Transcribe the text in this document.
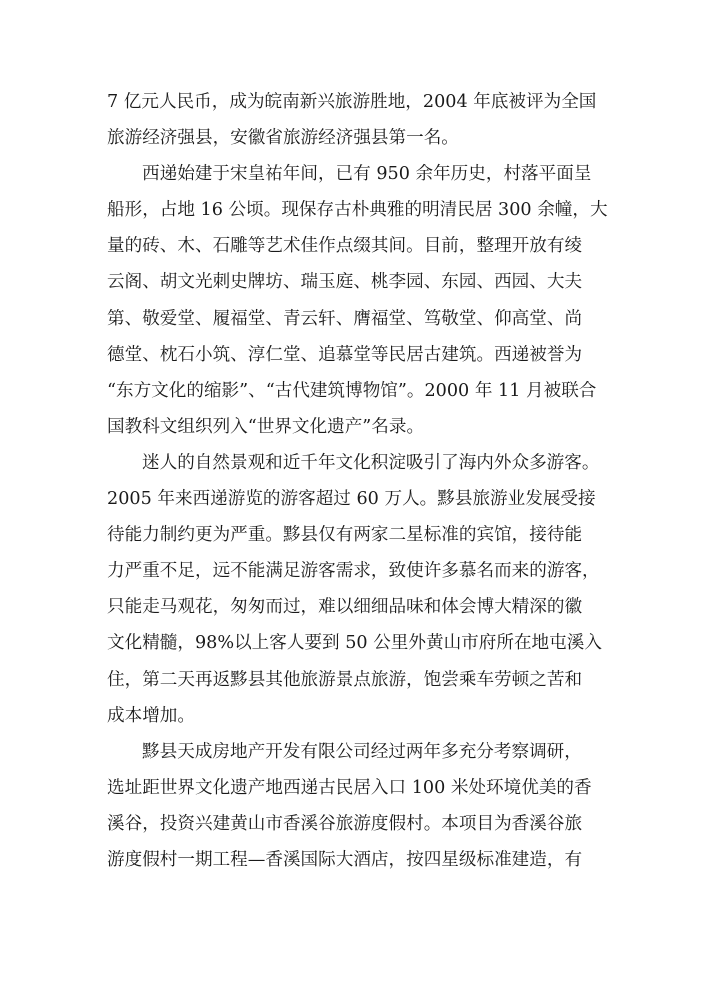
7 亿元人民币，成为皖南新兴旅游胜地，2004 年底被评为全国
旅游经济强县，安徽省旅游经济强县第一名。
西递始建于宋皇祐年间，已有 950 余年历史，村落平面呈
船形，占地 16 公顷。现保存古朴典雅的明清民居 300 余幢，大
量的砖、木、石雕等艺术佳作点缀其间。目前，整理开放有绫
云阁、胡文光刺史牌坊、瑞玉庭、桃李园、东园、西园、大夫
第、敬爱堂、履福堂、青云轩、膺福堂、笃敬堂、仰高堂、尚
德堂、枕石小筑、淳仁堂、追慕堂等民居古建筑。西递被誉为
“东方文化的缩影”、“古代建筑博物馆”。2000 年 11 月被联合
国教科文组织列入“世界文化遗产”名录。
迷人的自然景观和近千年文化积淀吸引了海内外众多游客。
2005 年来西递游览的游客超过 60 万人。黟县旅游业发展受接
待能力制约更为严重。黟县仅有两家二星标准的宾馆，接待能
力严重不足，远不能满足游客需求，致使许多慕名而来的游客，
只能走马观花，匆匆而过，难以细细品味和体会博大精深的徽
文化精髓，98%以上客人要到 50 公里外黄山市府所在地屯溪入
住，第二天再返黟县其他旅游景点旅游，饱尝乘车劳顿之苦和
成本增加。
黟县天成房地产开发有限公司经过两年多充分考察调研，
选址距世界文化遗产地西递古民居入口 100 米处环境优美的香
溪谷，投资兴建黄山市香溪谷旅游度假村。本项目为香溪谷旅
游度假村一期工程—香溪国际大酒店，按四星级标准建造，有
